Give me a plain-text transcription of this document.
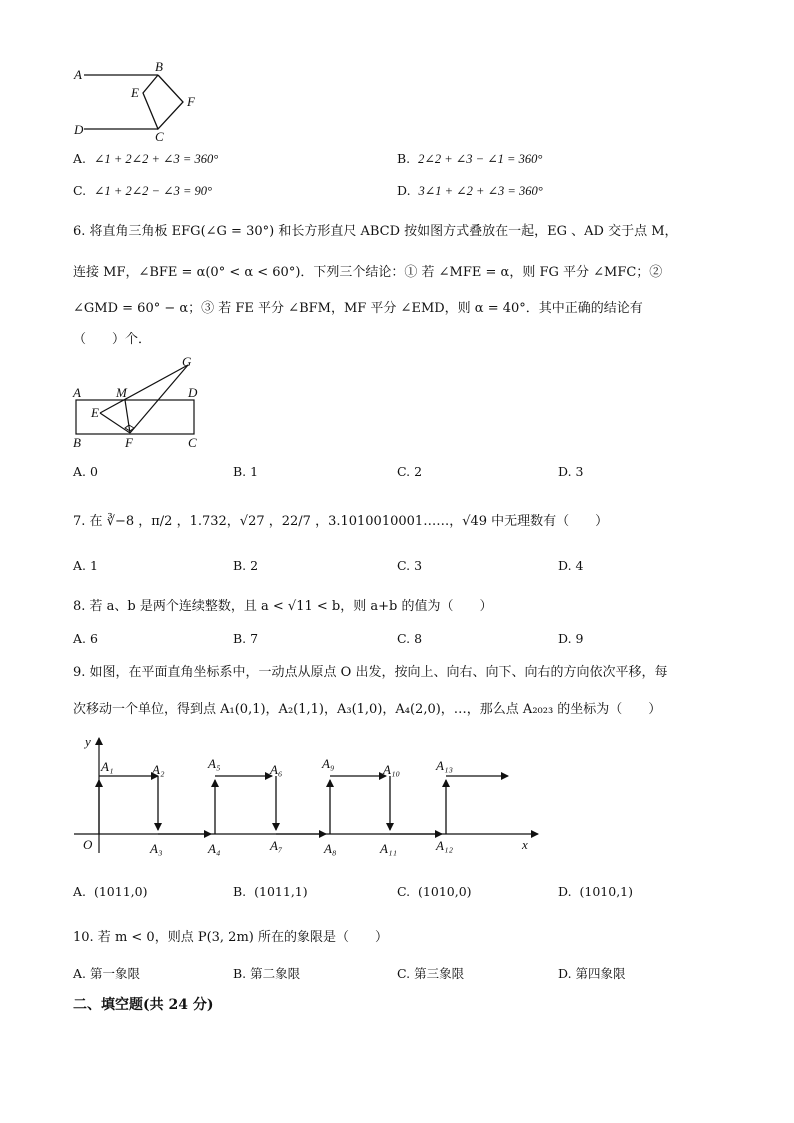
A
B
E
F
D	C
A. ∠1 + 2∠2 + ∠3 = 360°	B. 2∠2 + ∠3 − ∠1 = 360°
C. ∠1 + 2∠2 − ∠3 = 90°	D. 3∠1 + ∠2 + ∠3 = 360°
6. 将直角三角板 EFG(∠G = 30°) 和长方形直尺 ABCD 按如图方式叠放在一起，EG 、AD 交于点 M，
连接 MF，∠BFE = α(0° < α < 60°)．下列三个结论：① 若 ∠MFE = α，则 FG 平分 ∠MFC；②
∠GMD = 60° − α；③ 若 FE 平分 ∠BFM，MF 平分 ∠EMD，则 α = 40°．其中正确的结论有
（　　）个．
G
A	M	D
E
B	F	C
A. 0	B. 1	C. 2	D. 3
7. 在 ∛−8 ，π/2 ，1.732，√27 ，22/7 ，3.1010010001……，√49 中无理数有（　　）
A. 1	B. 2	C. 3	D. 4
8. 若 a、b 是两个连续整数，且 a < √11 < b，则 a+b 的值为（　　）
A. 6	B. 7	C. 8	D. 9
9. 如图，在平面直角坐标系中，一动点从原点 O 出发，按向上、向右、向下、向右的方向依次平移，每
次移动一个单位，得到点 A₁(0,1)，A₂(1,1)，A₃(1,0)，A₄(2,0)，…，那么点 A₂₀₂₃ 的坐标为（　　）
y
x
O
A₁	A₂
A₃	A₄
A₅	A₆
A₇	A₈
A₉	A₁₀
A₁₁	A₁₂
A₁₃
A. (1011,0)	B. (1011,1)	C. (1010,0)	D. (1010,1)
10. 若 m < 0，则点 P(3, 2m) 所在的象限是（　　）
A. 第一象限	B. 第二象限	C. 第三象限	D. 第四象限
二、填空题(共 24 分)
